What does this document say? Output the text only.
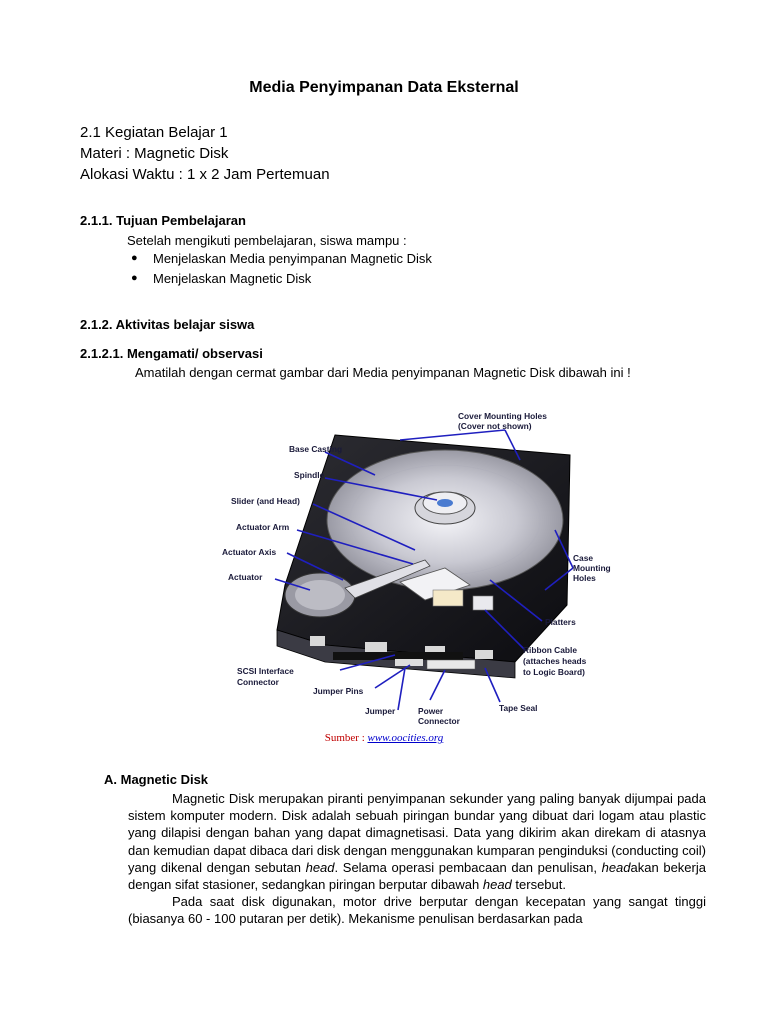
Media Penyimpanan Data Eksternal
2.1 Kegiatan Belajar 1
Materi : Magnetic Disk
Alokasi Waktu : 1 x 2 Jam Pertemuan
2.1.1. Tujuan Pembelajaran
Setelah mengikuti pembelajaran, siswa mampu :
● Menjelaskan Media penyimpanan Magnetic Disk
● Menjelaskan Magnetic Disk
2.1.2. Aktivitas belajar siswa
2.1.2.1. Mengamati/ observasi
Amatilah dengan cermat gambar dari Media penyimpanan Magnetic Disk dibawah ini !
Cover Mounting Holes
(Cover not shown)
Base Casting
Spindle
Slider (and Head)
Actuator Arm
Actuator Axis
Actuator
Case
Mounting
Holes
Platters
Ribbon Cable
(attaches heads
to Logic Board)
SCSI Interface
Connector
Jumper Pins
Jumper	Power
Connector
Tape Seal
Sumber : www.oocities.org
A. Magnetic Disk

Magnetic Disk merupakan piranti penyimpanan sekunder yang paling banyak dijumpai pada sistem komputer modern. Disk adalah sebuah piringan bundar yang dibuat dari logam atau plastic yang dilapisi dengan bahan yang dapat dimagnetisasi. Data yang dikirim akan direkam di atasnya dan kemudian dapat dibaca dari disk dengan menggunakan kumparan penginduksi (conducting coil) yang dikenal dengan sebutan head. Selama operasi pembacaan dan penulisan, headakan bekerja dengan sifat stasioner, sedangkan piringan berputar dibawah head tersebut.

Pada saat disk digunakan, motor drive berputar dengan kecepatan yang sangat tinggi (biasanya 60 - 100 putaran per detik). Mekanisme penulisan berdasarkan pada
